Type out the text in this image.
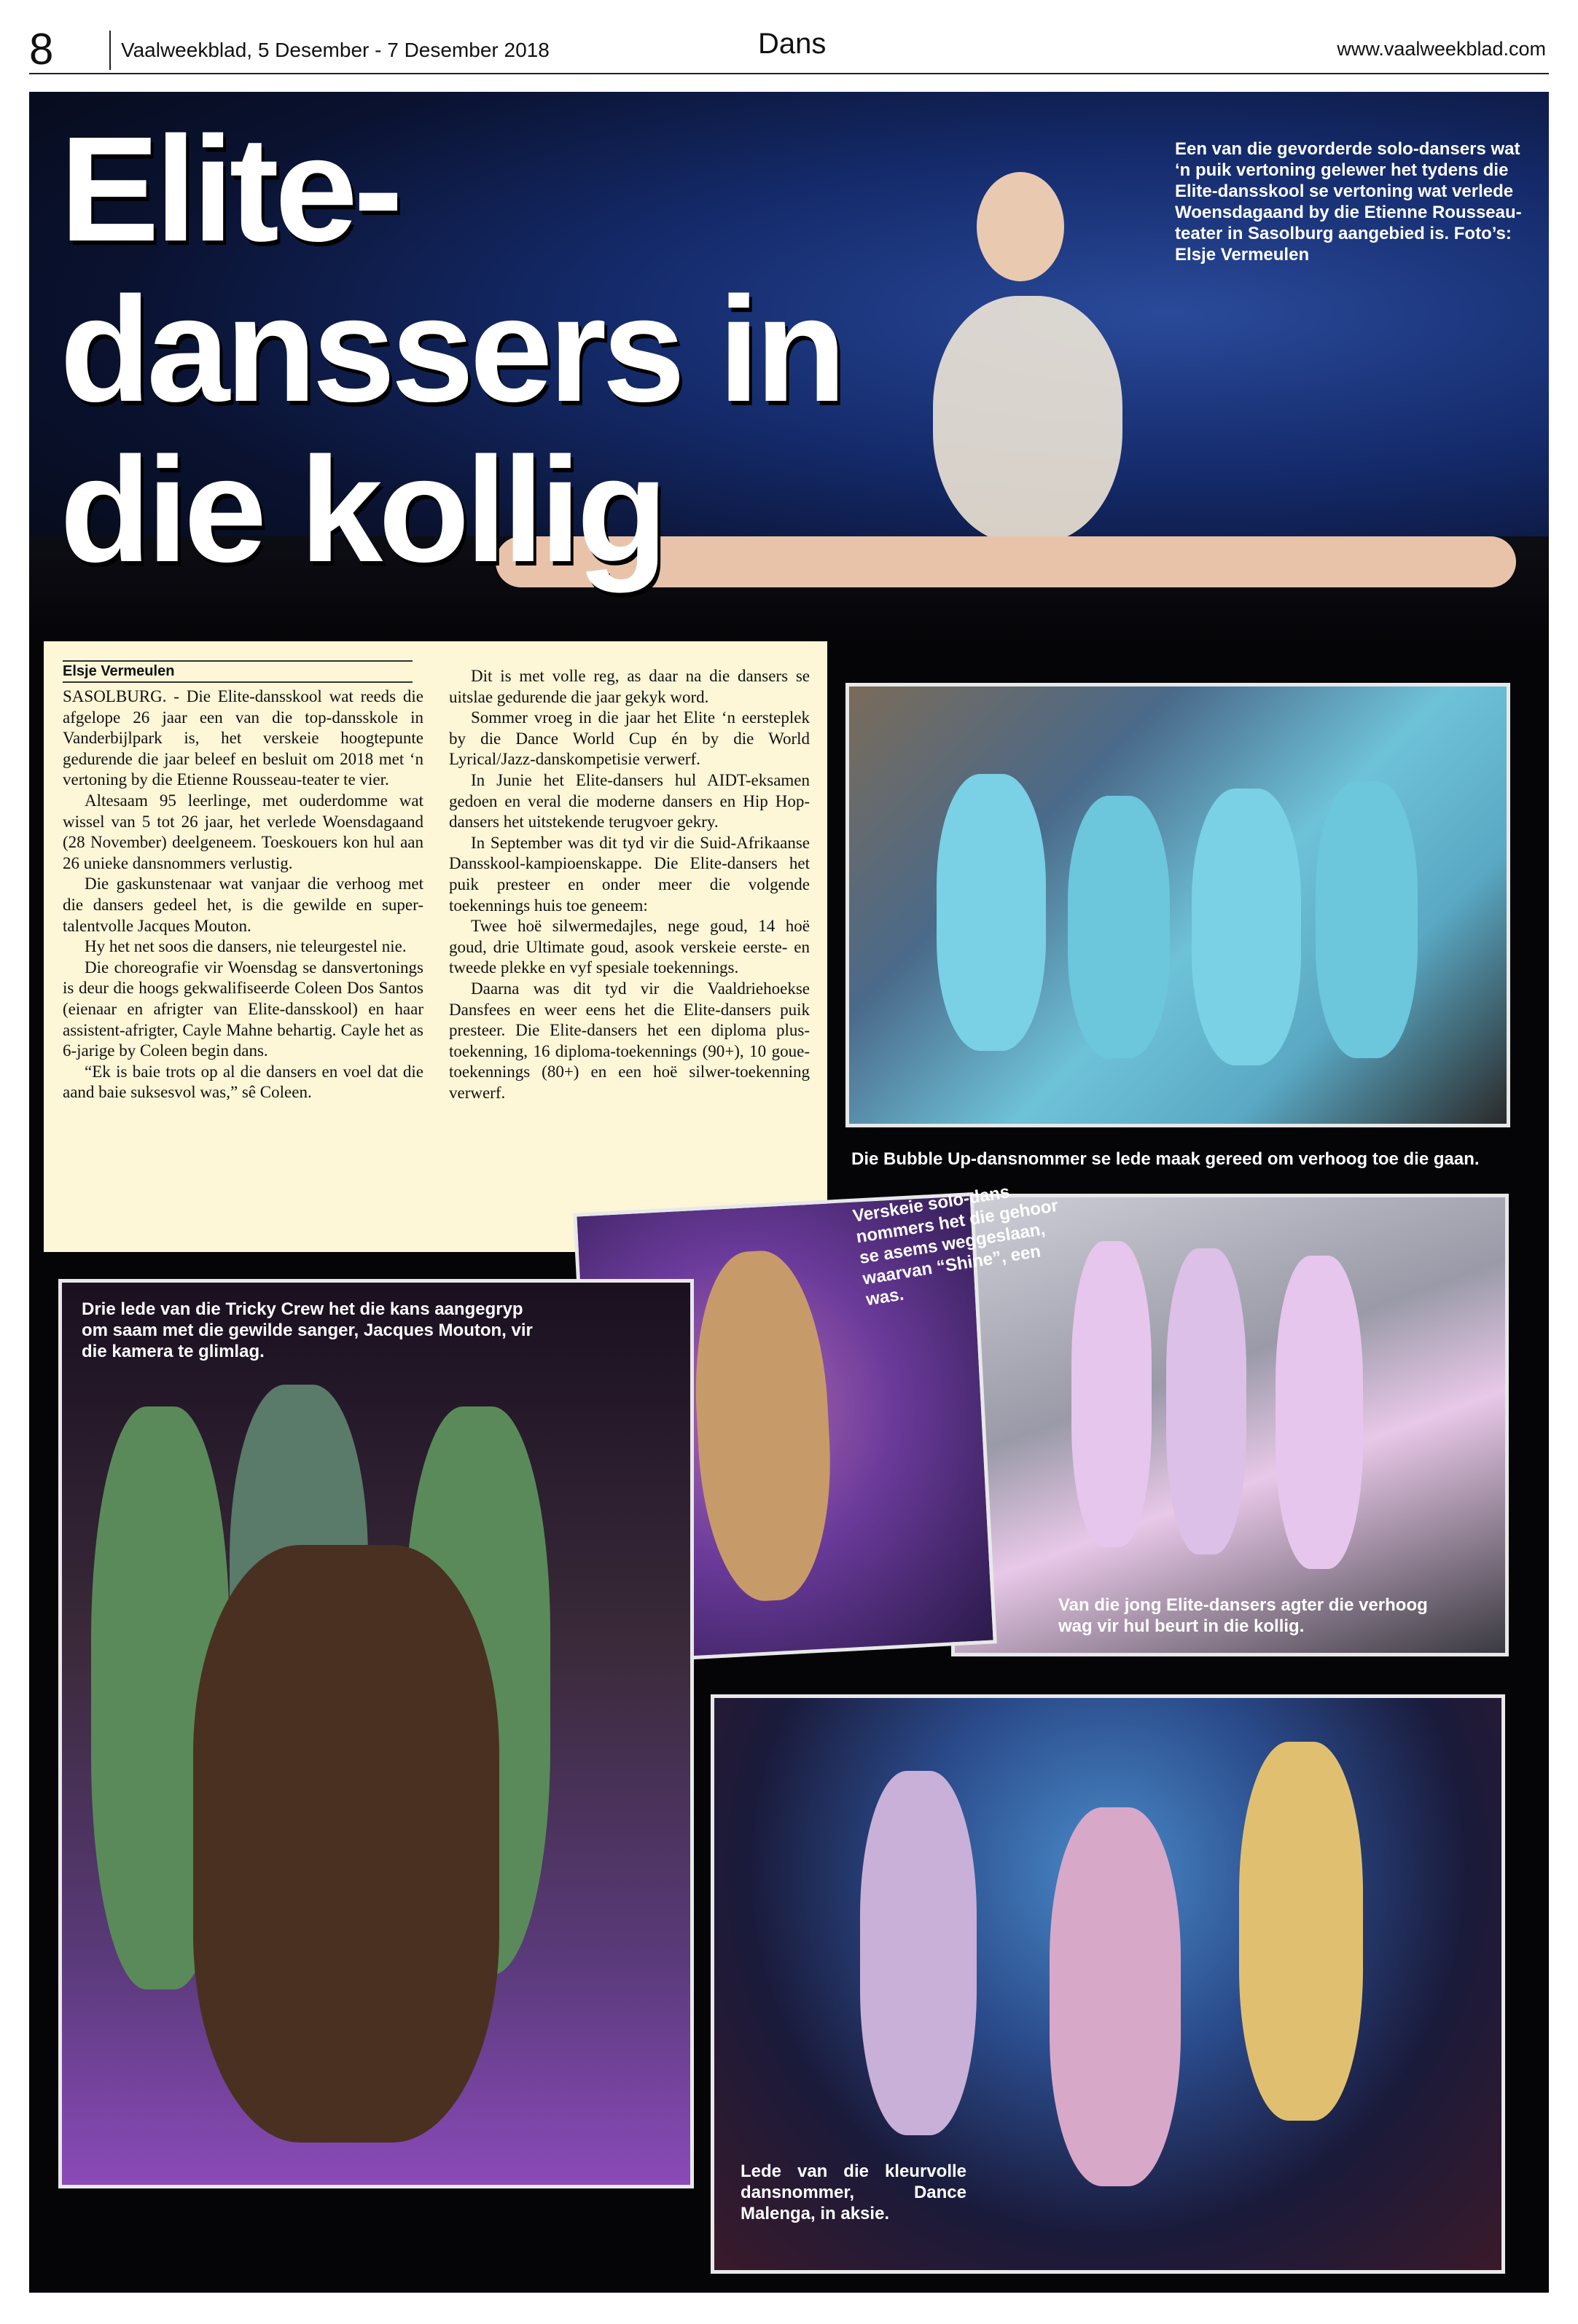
8	Vaalweekblad, 5 Desember - 7 Desember 2018	Dans	www.vaalweekblad.com
Elite-
danssers in
die kollig
Een van die gevorderde solo-dansers wat ‘n puik vertoning gelewer het tydens die Elite-dansskool se vertoning wat verlede Woensdagaand by die Etienne Rousseau-teater in Sasolburg aangebied is. Foto’s: Elsje Vermeulen
Elsje Vermeulen

SASOLBURG. - Die Elite-dansskool wat reeds die afgelope 26 jaar een van die top-dansskole in Vanderbijlpark is, het verskeie hoogtepunte gedurende die jaar beleef en besluit om 2018 met ‘n vertoning by die Etienne Rousseau-teater te vier.

Altesaam 95 leerlinge, met ouderdomme wat wissel van 5 tot 26 jaar, het verlede Woensdagaand (28 November) deelgeneem. Toeskouers kon hul aan 26 unieke dansnommers verlustig.

Die gaskunstenaar wat vanjaar die verhoog met die dansers gedeel het, is die gewilde en super-talentvolle Jacques Mouton.

Hy het net soos die dansers, nie teleurgestel nie.

Die choreografie vir Woensdag se dansvertonings is deur die hoogs gekwalifiseerde Coleen Dos Santos (eienaar en afrigter van Elite-dansskool) en haar assistent-afrigter, Cayle Mahne behartig. Cayle het as 6-jarige by Coleen begin dans.

“Ek is baie trots op al die dansers en voel dat die aand baie suksesvol was,” sê Coleen.

Dit is met volle reg, as daar na die dansers se uitslae gedurende die jaar gekyk word.

Sommer vroeg in die jaar het Elite ‘n eersteplek by die Dance World Cup én by die World Lyrical/Jazz-danskompetisie verwerf.

In Junie het Elite-dansers hul AIDT-eksamen gedoen en veral die moderne dansers en Hip Hop-dansers het uitstekende terugvoer gekry.

In September was dit tyd vir die Suid-Afrikaanse Dansskool-kampioenskappe. Die Elite-dansers het puik presteer en onder meer die volgende toekennings huis toe geneem:

Twee hoë silwermedajles, nege goud, 14 hoë goud, drie Ultimate goud, asook verskeie eerste- en tweede plekke en vyf spesiale toekennings.

Daarna was dit tyd vir die Vaaldriehoekse Dansfees en weer eens het die Elite-dansers puik presteer. Die Elite-dansers het een diploma plus-toekenning, 16 diploma-toekennings (90+), 10 goue-toekennings (80+) en een hoë silwer-toekenning verwerf.

Die Bubble Up-dansnommer se lede maak gereed om verhoog toe die gaan.
Van die jong Elite-dansers agter die verhoog wag vir hul beurt in die kollig.
Verskeie solo-dans nommers het die gehoor se asems weggeslaan, waarvan “Shine”, een was.
Drie lede van die Tricky Crew het die kans aangegryp om saam met die gewilde sanger, Jacques Mouton, vir die kamera te glimlag.
Lede van die kleurvolle dansnommer, Dance Malenga, in aksie.
